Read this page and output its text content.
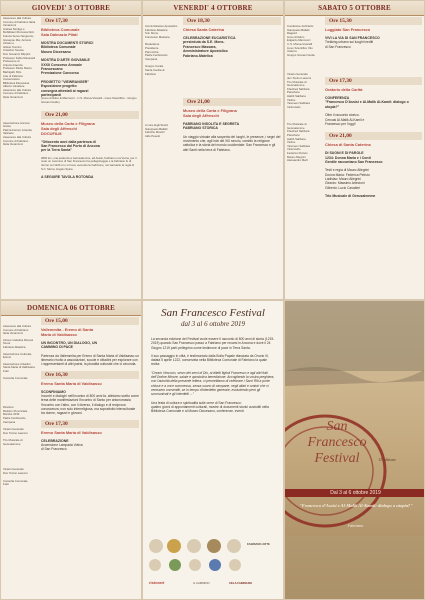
GIOVEDI' 3 OTTOBRE
Assessore alla Cultura Comune di Fabriano Ilaria Venanzoni
Andrea Stroligo e Mobilitatori Romana Dott. Franca Serve Nerguccio, Giuseppe Mei, Antonio Ciriaco e
Istituto Tecnico
Cristofori Scuola
Don Giovanni Filippini
Professor Fabio Ravanelli
Professore di
Antonio Faenza
Professor Padre Marco Barbigalli, Mitu
Arte di Fabriano
Conservatore
Biblioteca Diocesana
Alberto Cavaliere
Assessore alle Cultura Comune di Fabriano
Ilaria Venanzoni
Associazione Ancona Gioiso
Piazza Ferrari, Aziende Vaticane
Assessore alla Cultura Comune di Fabriano
Ilaria Venanzoni
Ore 17,30
Biblioteca Comunale
Sala Dalmazio Pilati
MOSTRA DOCUMENTI STORICI
Biblioteca Comunale
Museo Diocesano
MOSTRA D'ARTE GIOVANILE
XXXII Concorso Annuale
Francescano
Premiazione Concorso
PROGETTO "VIEWRANGER"
Esposizione progetto
consegna attestati ai ragazzi
partecipanti
(Liceo Artistico E.Mannucci - I.I.S. Morea-Vivarelli - Liceo Scientifico - Gruppo Giovani Guide)
Ore 21,00
Museo della Carta e Filigrana
Sala degli Affreschi
DOCUFILM
"Ottocento anni dalla partenza di
San Francesco dal Porto di Ancona
per la Terra Santa"
2800 km, una partenza a Gerusalemme, ad Assisi, Fabriano e la Verna, per il resto un cammino di San Francesco fra pellegrinaggio e la Fabriano fu di ritorno nel 1220 e lo si trova, secondo la tradizione, nel santuario la regia di S.C. Morra, Angelo Spina
A SEGUIRE TAVOLA ROTONDA
VENERDI' 4 OTTOBRE
Amministratore Apostolico
Fabriano-Matelica
S.E. Mons.
Francesco Massara
Moderatore
Presidente
Parrocchia
Padre Ferdinando
Campana
Gruppo Corale
Santa Cecilia di
Fabriano
A cura degli Storici
Giampaolo Ballelli
Fabrizio Moschi
Aldo Pesetti
Ore 18,30
Chiesa Santa Caterina
CELEBRAZIONE EUCARISTICA
presieduta da S.E. Mons.
Francesco Massara,
Amministratore Apostolico
Fabriano-Matelica
Ore 21,00
Museo della Carta e Filigrana
Sala degli Affreschi
FABRIANO INSOLITA E SEGRETA
FABRIANO STORICA
Un viaggio virtuale alla scoperta dei luoghi, le presenze, i segni del movimento che, agli inizi del XIII secolo, cambiò la religione cattolica e la storia del mondo occidentale: San Francesco e gli altri Santi nella terra di Fabriano.
SABATO 5 OTTOBRE
Conduttore Architetto
Giampaolo Ballelli
Ragazzi
Liceo Artistico
Edgardo Mannucci
I.I.S. Morea-Vivarelli
Liceo Scientifico Vito
Volterra
Gruppo Giovani Guide
Vicario Generale
don Tonino Lasconi
Trio Musicale di
Gerusalemme
Kheshed Sabbara
Pianoforte
Habib Sabbara
Violino
Yasmeen Sabbara
Violoncello
Trio Musicale di
Gerusalemme
Kheshed Sabbara
Pianoforte
Habib Sabbara
Violino
Yasmeen Sabbara
Violoncello
Federico Petruio
Mauro Allegrini
Alessandro Merli
Ore 15,30
Loggiato San Francesco
VIVI LA VIA DI SAN FRANCESCO
Trekking urbano sui luoghi inediti
di San Francesco
Ore 17,30
Oratorio della Carità
CONFERENZA
"Francesco D'Assisi e Al-Malik Al-Kamil: dialogo o utopia?"
Oltre il racconto storico.
Cercasi Al-Malik Al-Kamil e
Francesco per l'oggi!
Ore 21,00
Chiesa di Santa Caterina
DI SUONI E DI PAROLE
1234: Donna Maria e i Conti
Gentile raccontano San Francesco
Testi e regia di Mauro Allegrini
Donna Maria: Federica Petruio
Ladislao: Mauro Allegrini
Girardo: Massimo Artecioni
Gilberto: Lucio Cavalieri
Trio Musicale di Gerusalemme
DOMENICA 06 OTTOBRE
Assessore alla Cultura
Comune di Fabriano
Ilaria Venanzoni
Azione Cattolica Diocesi
Scout
Fabriano-Matelica
Associazione Culturale
Eremo
Associazione Cittadini
Santa Maria di Valdisasso
Frati
Consulta Comunale
Direttore
Ministro Provinciale
Marche OFM
Padre Ferdinando Campana
Vicario Generale
Don Tonino Lasconi
Trio Musicale di
Gerusalemme
Vicario Generale
Don Tonino Lasconi
Consulta Comunale
Frati
Ore 15,00
Vallemmita - Eremo di Santa
Maria di Valdisasso
UN INCONTRO, UN DIALOGO, UN
CAMMINO DI PACE
Partenza da Vallemmita per Eremo di Santa Maria di Valdisasso un itinerario rivolto a associazioni, scuole e cittadini per esplorare con i rappresentanti di altri paesi, la pluralità culturale che ci circonda.
Ore 16,30
Eremo Santa Maria di Valdisasso
SCONFINIAMO
Incontri e dialoghi nell'incontro di 800 anni fa, abbiamo scelto come tema delle manifestazioni l'incontro di Santo per antonomasia l'incontro con l'altro, con il diverso, il dialogo e di reciproca conoscenza, non solo interreligiosa, ma soprattutto interculturale tra donne, ragazzi e giovani.
Ore 17,30
Eremo Santa Maria di Valdisasso
CELEBRAZIONE
Accensione Lampada Votiva
di San Francesco
San Francesco Festival
dal 3 al 6 ottobre 2019
La seconda edizione del Festival vuole essere il racconto di 800 anni di storia (1219-2019) quando San Francesco passò a Fabriano per recarsi in Ancona e dove il 24 Giugno 1219 partì pellegrino come testimone di pace in Terra Santa.
Il suo passaggio in città, è testimoniato dalla Bolla Papale rilasciata da Onorio III, datata 5 aprile 1222, conservata nella Biblioteca Comunale di Fabriano la quale recita:
"Onorio Vescovo, servo dei servi di Dio, ai diletti figlioli Francesco e agli altri frati dell'Ordine Minore, salute e apostolica benedizione. Accogliendo la vostra preghiera, con l'autorità della presente lettera, vi permettiamo di celebrare i Sacri Riti a porte chiuse e a voce sommessa, senza suono di campane, negli altari e oratori che vi venissero consentiti, se in tempo d'interdetto generale, escludendo però gli scomunicati e gli interdetti ..."
Una festa di cultura e spiritualità sulle orme di San Francesco:
quattro giorni di appuntamenti culturali, mostre di documenti storici custoditi nella Biblioteca Comunale e al Museo Diocesano, conferenze, eventi.
FABRIANO ARTE
ristorart	IL CAMMINO	CELA FABRIANO
San Francesco Festival	II edizione
Dal 3 al 6 ottobre 2019
"Francesco d'Assisi e Al-Malik Al-Kamil: dialogo o utopia?"
Fabriano
